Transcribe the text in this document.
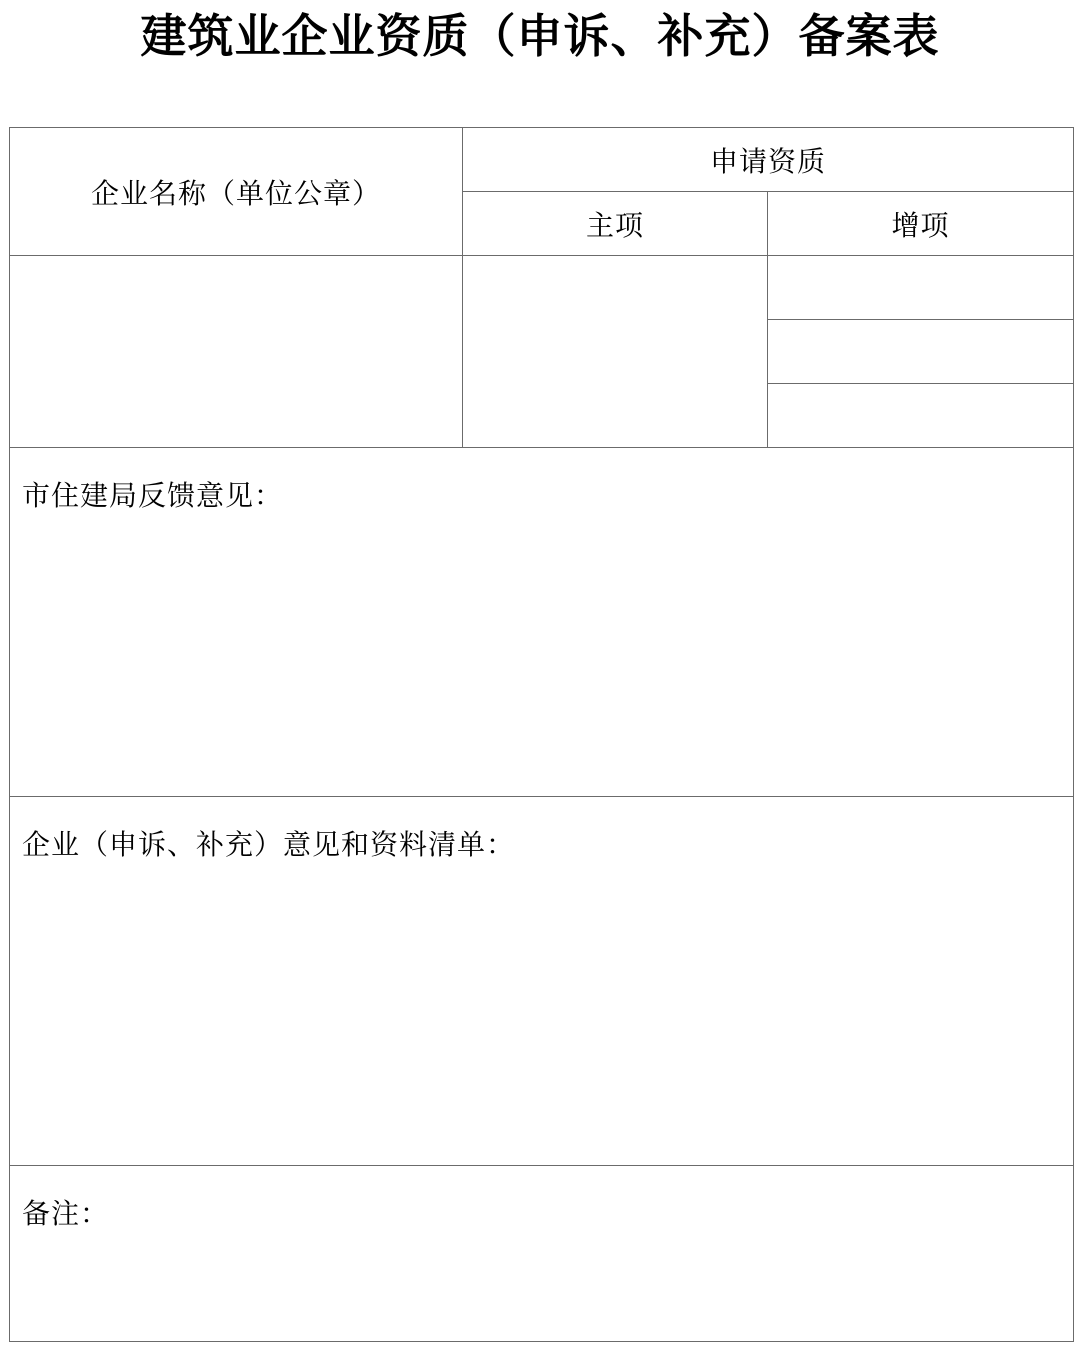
建筑业企业资质（申诉、补充）备案表
企业名称（单位公章）	申请资质	
	主项	增项

市住建局反馈意见：		

企业（申诉、补充）意见和资料清单：		

备注：		
